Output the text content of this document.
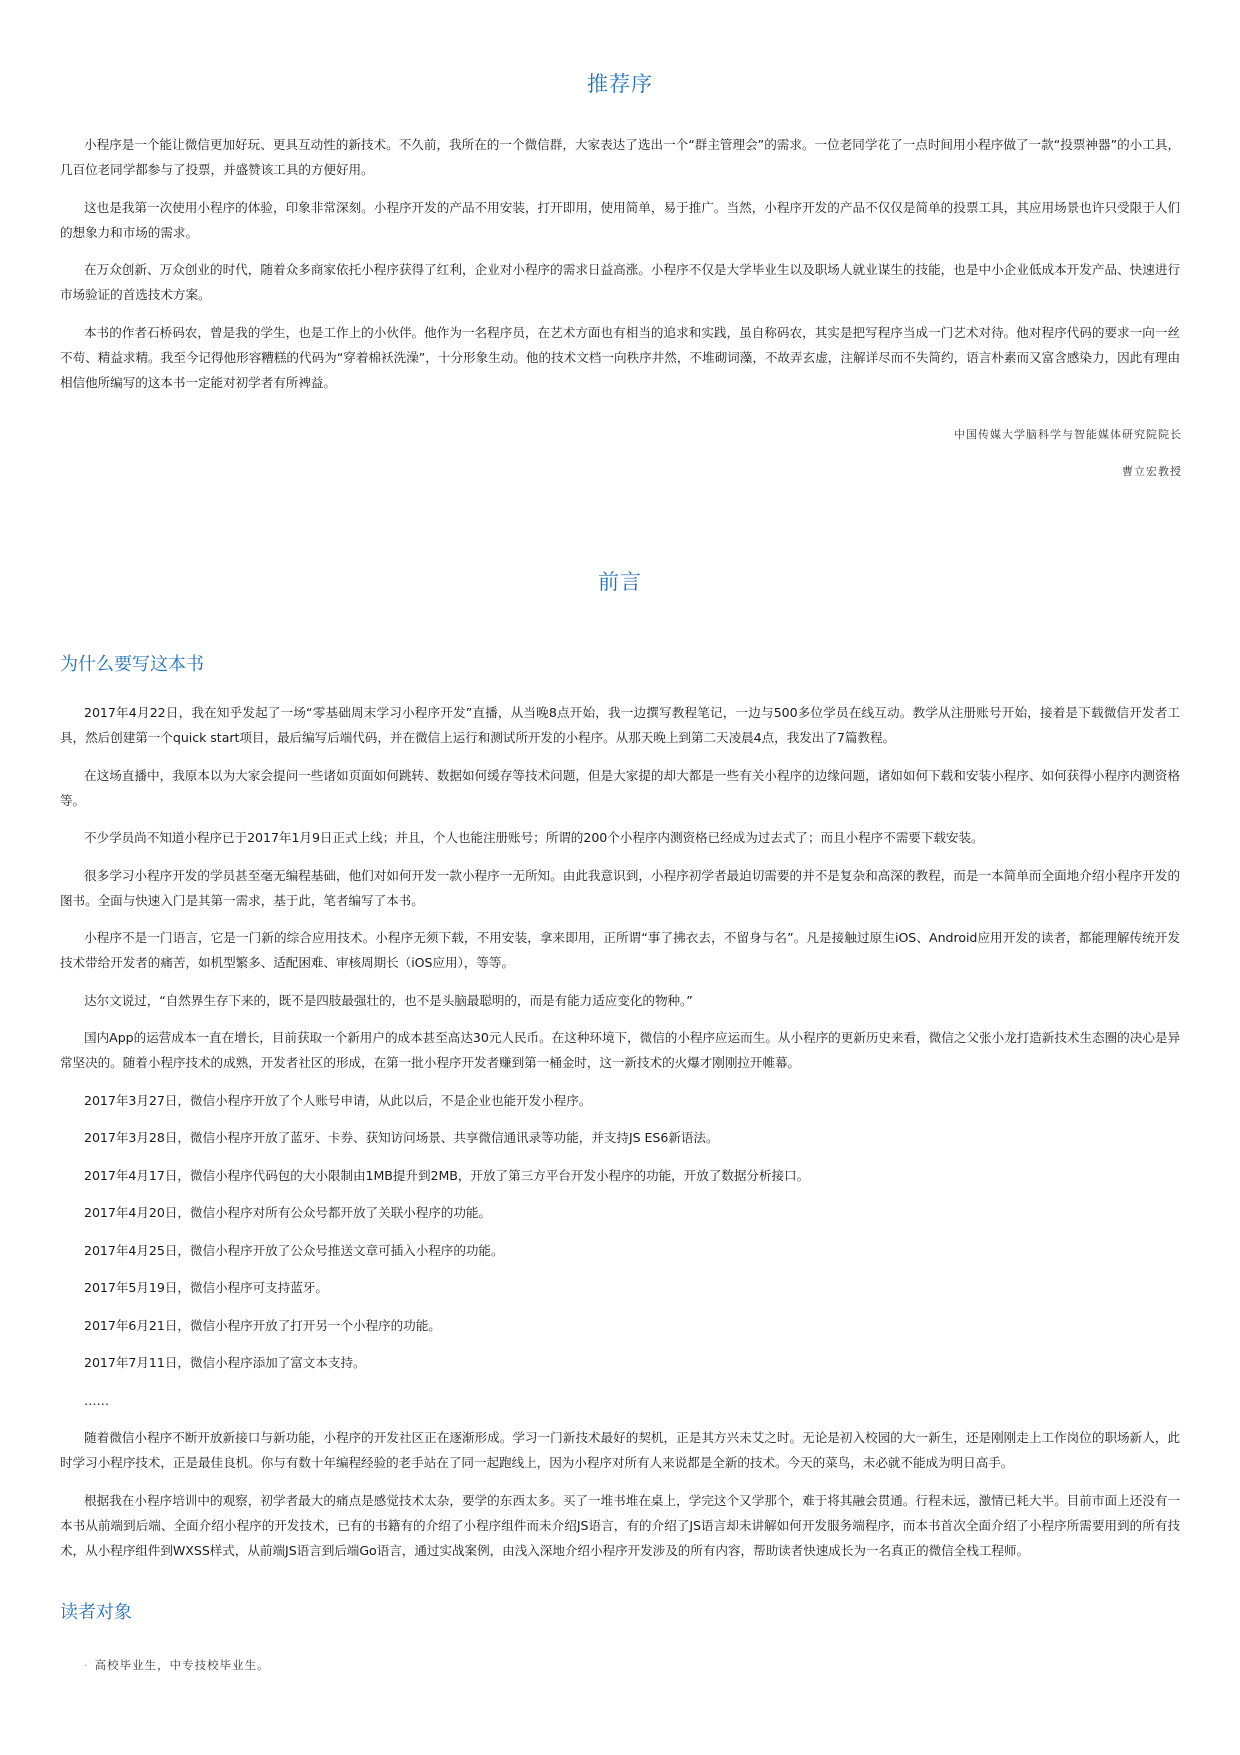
推荐序

小程序是一个能让微信更加好玩、更具互动性的新技术。不久前，我所在的一个微信群，大家表达了选出一个“群主管理会”的需求。一位老同学花了一点时间用小程序做了一款“投票神器”的小工具，几百位老同学都参与了投票，并盛赞该工具的方便好用。

这也是我第一次使用小程序的体验，印象非常深刻。小程序开发的产品不用安装，打开即用，使用简单，易于推广。当然，小程序开发的产品不仅仅是简单的投票工具，其应用场景也许只受限于人们的想象力和市场的需求。

在万众创新、万众创业的时代，随着众多商家依托小程序获得了红利，企业对小程序的需求日益高涨。小程序不仅是大学毕业生以及职场人就业谋生的技能，也是中小企业低成本开发产品、快速进行市场验证的首选技术方案。

本书的作者石桥码农，曾是我的学生，也是工作上的小伙伴。他作为一名程序员，在艺术方面也有相当的追求和实践，虽自称码农，其实是把写程序当成一门艺术对待。他对程序代码的要求一向一丝不苟、精益求精。我至今记得他形容糟糕的代码为“穿着棉袄洗澡”，十分形象生动。他的技术文档一向秩序井然，不堆砌词藻，不故弄玄虚，注解详尽而不失简约，语言朴素而又富含感染力，因此有理由相信他所编写的这本书一定能对初学者有所裨益。

中国传媒大学脑科学与智能媒体研究院院长

曹立宏教授

前言
为什么要写这本书

2017年4月22日，我在知乎发起了一场“零基础周末学习小程序开发”直播，从当晚8点开始，我一边撰写教程笔记，一边与500多位学员在线互动。教学从注册账号开始，接着是下载微信开发者工具，然后创建第一个quick start项目，最后编写后端代码，并在微信上运行和测试所开发的小程序。从那天晚上到第二天凌晨4点，我发出了7篇教程。

在这场直播中，我原本以为大家会提问一些诸如页面如何跳转、数据如何缓存等技术问题，但是大家提的却大都是一些有关小程序的边缘问题，诸如如何下载和安装小程序、如何获得小程序内测资格等。

不少学员尚不知道小程序已于2017年1月9日正式上线；并且，个人也能注册账号；所谓的200个小程序内测资格已经成为过去式了；而且小程序不需要下载安装。

很多学习小程序开发的学员甚至毫无编程基础，他们对如何开发一款小程序一无所知。由此我意识到，小程序初学者最迫切需要的并不是复杂和高深的教程，而是一本简单而全面地介绍小程序开发的图书。全面与快速入门是其第一需求，基于此，笔者编写了本书。

小程序不是一门语言，它是一门新的综合应用技术。小程序无须下载，不用安装，拿来即用，正所谓“事了拂衣去，不留身与名”。凡是接触过原生iOS、Android应用开发的读者，都能理解传统开发技术带给开发者的痛苦，如机型繁多、适配困难、审核周期长（iOS应用），等等。

达尔文说过，“自然界生存下来的，既不是四肢最强壮的，也不是头脑最聪明的，而是有能力适应变化的物种。”

国内App的运营成本一直在增长，目前获取一个新用户的成本甚至高达30元人民币。在这种环境下，微信的小程序应运而生。从小程序的更新历史来看，微信之父张小龙打造新技术生态圈的决心是异常坚决的。随着小程序技术的成熟，开发者社区的形成，在第一批小程序开发者赚到第一桶金时，这一新技术的火爆才刚刚拉开帷幕。

2017年3月27日，微信小程序开放了个人账号申请，从此以后，不是企业也能开发小程序。

2017年3月28日，微信小程序开放了蓝牙、卡券、获知访问场景、共享微信通讯录等功能，并支持JS ES6新语法。

2017年4月17日，微信小程序代码包的大小限制由1MB提升到2MB，开放了第三方平台开发小程序的功能，开放了数据分析接口。

2017年4月20日，微信小程序对所有公众号都开放了关联小程序的功能。

2017年4月25日，微信小程序开放了公众号推送文章可插入小程序的功能。

2017年5月19日，微信小程序可支持蓝牙。

2017年6月21日，微信小程序开放了打开另一个小程序的功能。

2017年7月11日，微信小程序添加了富文本支持。

……

随着微信小程序不断开放新接口与新功能，小程序的开发社区正在逐渐形成。学习一门新技术最好的契机，正是其方兴未艾之时。无论是初入校园的大一新生，还是刚刚走上工作岗位的职场新人，此时学习小程序技术，正是最佳良机。你与有数十年编程经验的老手站在了同一起跑线上，因为小程序对所有人来说都是全新的技术。今天的菜鸟，未必就不能成为明日高手。

根据我在小程序培训中的观察，初学者最大的痛点是感觉技术太杂，要学的东西太多。买了一堆书堆在桌上，学完这个又学那个，难于将其融会贯通。行程未远，激情已耗大半。目前市面上还没有一本书从前端到后端、全面介绍小程序的开发技术，已有的书籍有的介绍了小程序组件而未介绍JS语言，有的介绍了JS语言却未讲解如何开发服务端程序，而本书首次全面介绍了小程序所需要用到的所有技术，从小程序组件到WXSS样式，从前端JS语言到后端Go语言，通过实战案例，由浅入深地介绍小程序开发涉及的所有内容，帮助读者快速成长为一名真正的微信全栈工程师。

读者对象
· 高校毕业生，中专技校毕业生。
